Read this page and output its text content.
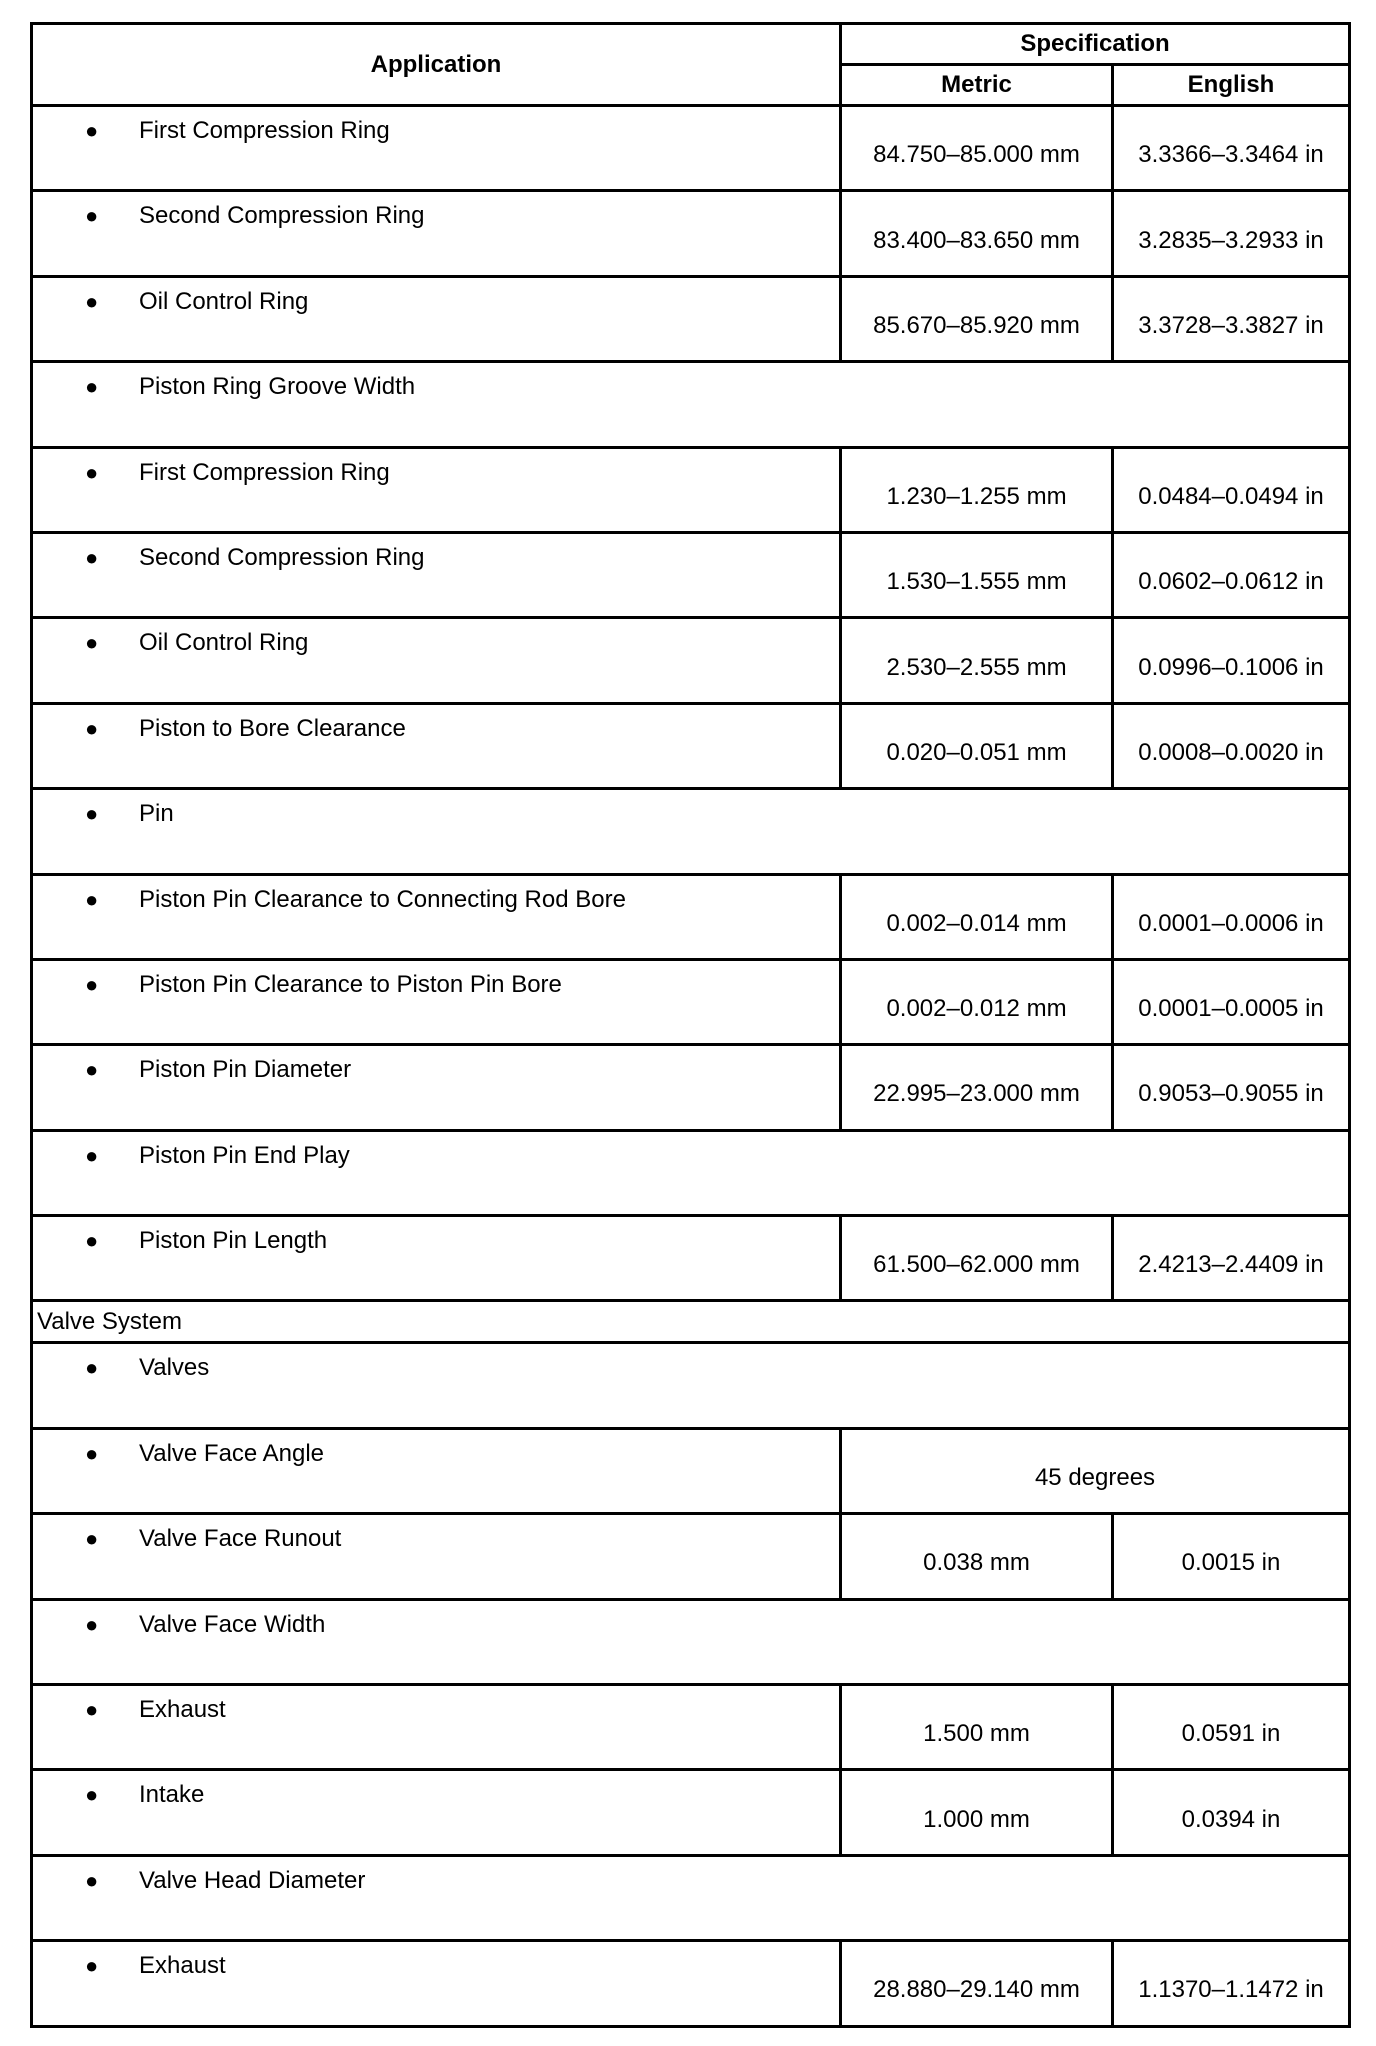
Application	Specification	
	Metric	English

● First Compression Ring	84.750–85.000 mm	3.3366–3.3464 in

● Second Compression Ring	83.400–83.650 mm	3.2835–3.2933 in

● Oil Control Ring	85.670–85.920 mm	3.3728–3.3827 in

● Piston Ring Groove Width		

● First Compression Ring	1.230–1.255 mm	0.0484–0.0494 in

● Second Compression Ring	1.530–1.555 mm	0.0602–0.0612 in

● Oil Control Ring	2.530–2.555 mm	0.0996–0.1006 in

● Piston to Bore Clearance	0.020–0.051 mm	0.0008–0.0020 in

● Pin		

● Piston Pin Clearance to Connecting Rod Bore	0.002–0.014 mm	0.0001–0.0006 in

● Piston Pin Clearance to Piston Pin Bore	0.002–0.012 mm	0.0001–0.0005 in

● Piston Pin Diameter	22.995–23.000 mm	0.9053–0.9055 in

● Piston Pin End Play		

● Piston Pin Length	61.500–62.000 mm	2.4213–2.4409 in
Valve System		

● Valves		

● Valve Face Angle	45 degrees	

● Valve Face Runout	0.038 mm	0.0015 in

● Valve Face Width		

● Exhaust	1.500 mm	0.0591 in

● Intake	1.000 mm	0.0394 in

● Valve Head Diameter		

● Exhaust	28.880–29.140 mm	1.1370–1.1472 in
